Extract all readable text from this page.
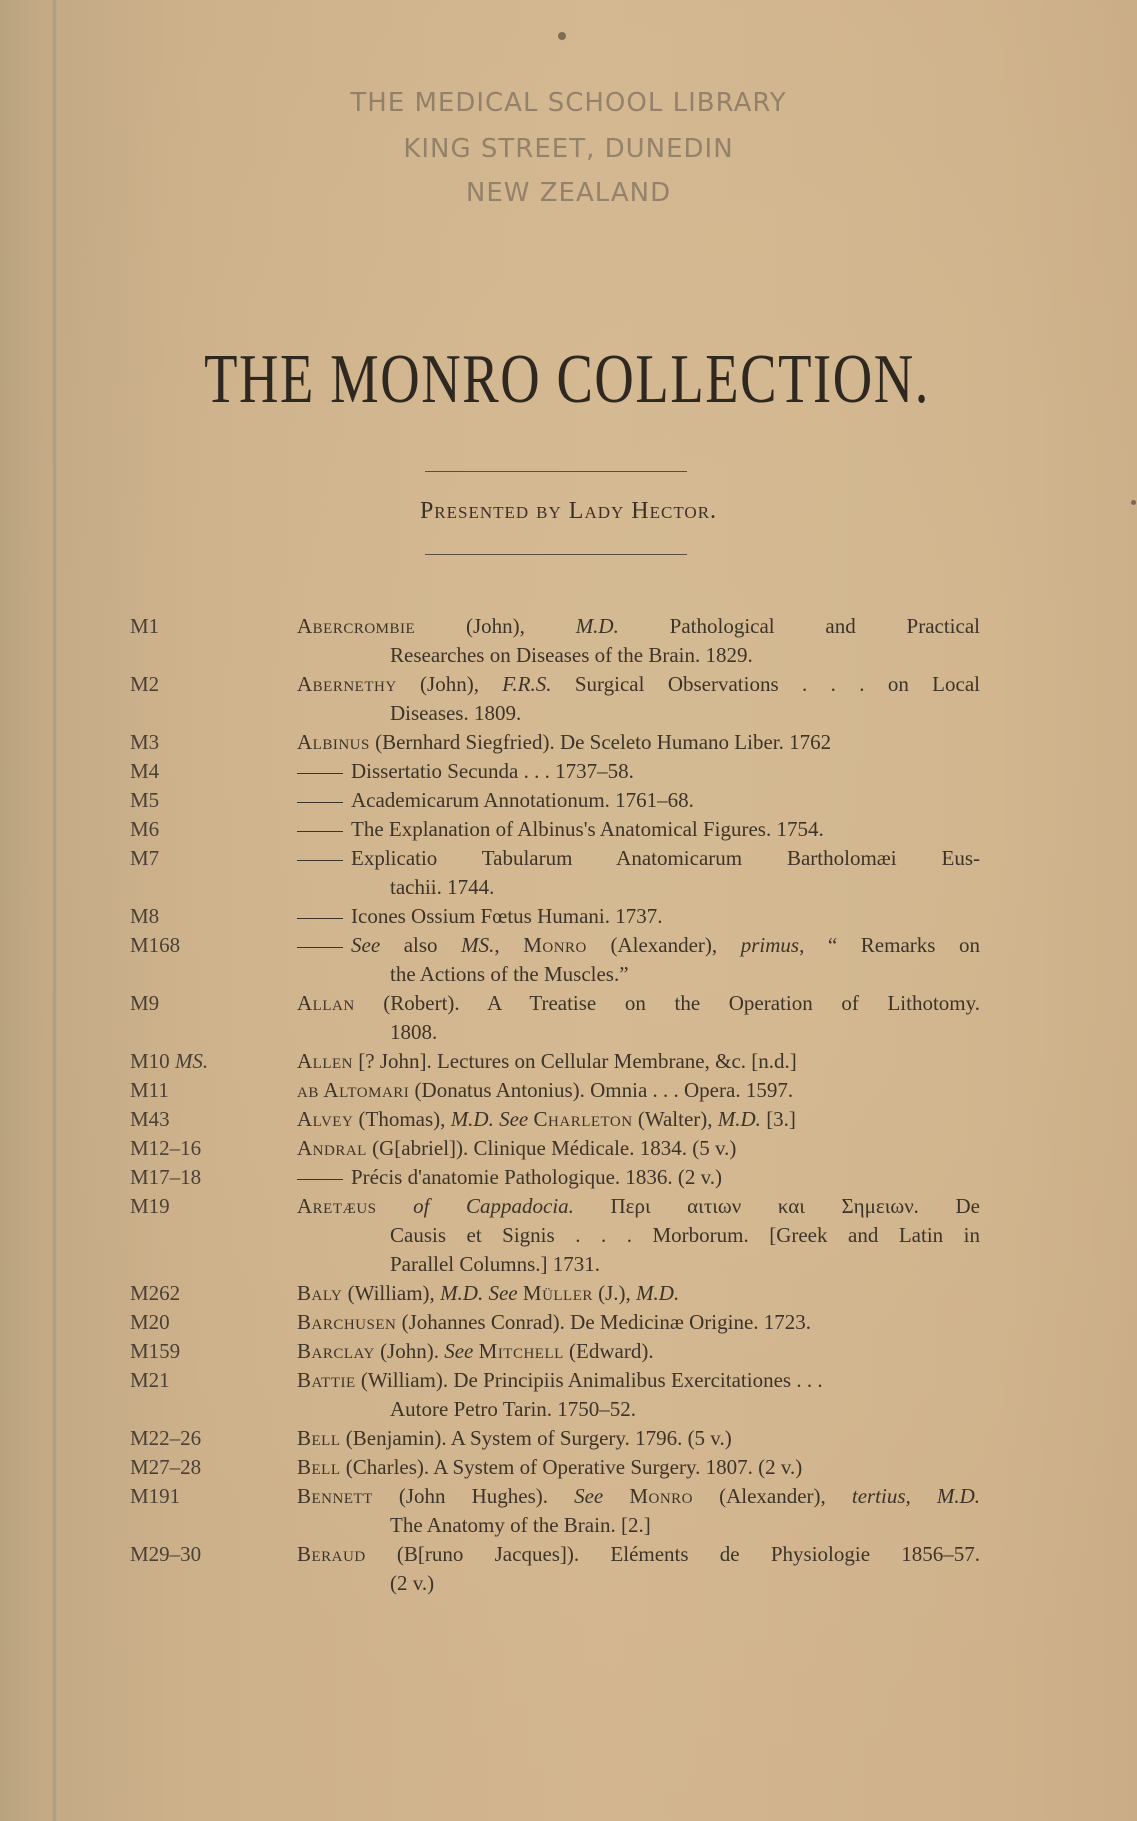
THE MEDICAL SCHOOL LIBRARY
KING STREET, DUNEDIN
NEW ZEALAND
THE MONRO COLLECTION.
Presented by Lady Hector.
M1	Abercrombie (John), M.D. Pathological and Practical
Researches on Diseases of the Brain. 1829.
M2	Abernethy (John), F.R.S. Surgical Observations . . . on Local
Diseases. 1809.
M3	Albinus (Bernhard Siegfried). De Sceleto Humano Liber. 1762
M4	Dissertatio Secunda . . . 1737–58.
M5	Academicarum Annotationum. 1761–68.
M6	The Explanation of Albinus's Anatomical Figures. 1754.
M7	Explicatio Tabularum Anatomicarum Bartholomæi Eus-
tachii. 1744.
M8	Icones Ossium Fœtus Humani. 1737.
M168	See also MS., Monro (Alexander), primus, “ Remarks on
the Actions of the Muscles.”
M9	Allan (Robert). A Treatise on the Operation of Lithotomy.
1808.
M10 MS.	Allen [? John]. Lectures on Cellular Membrane, &c. [n.d.]
M11	ab Altomari (Donatus Antonius). Omnia . . . Opera. 1597.
M43	Alvey (Thomas), M.D. See Charleton (Walter), M.D. [3.]
M12–16	Andral (G[abriel]). Clinique Médicale. 1834. (5 v.)
M17–18	Précis d'anatomie Pathologique. 1836. (2 v.)
M19	Aretæus of Cappadocia. Περι αιτιων και Σημειων. De
Causis et Signis . . . Morborum. [Greek and Latin in
Parallel Columns.] 1731.
M262	Baly (William), M.D. See Müller (J.), M.D.
M20	Barchusen (Johannes Conrad). De Medicinæ Origine. 1723.
M159	Barclay (John). See Mitchell (Edward).
M21	Battie (William). De Principiis Animalibus Exercitationes . . .
Autore Petro Tarin. 1750–52.
M22–26	Bell (Benjamin). A System of Surgery. 1796. (5 v.)
M27–28	Bell (Charles). A System of Operative Surgery. 1807. (2 v.)
M191	Bennett (John Hughes). See Monro (Alexander), tertius, M.D.
The Anatomy of the Brain. [2.]
M29–30	Beraud (B[runo Jacques]). Eléments de Physiologie 1856–57.
(2 v.)
